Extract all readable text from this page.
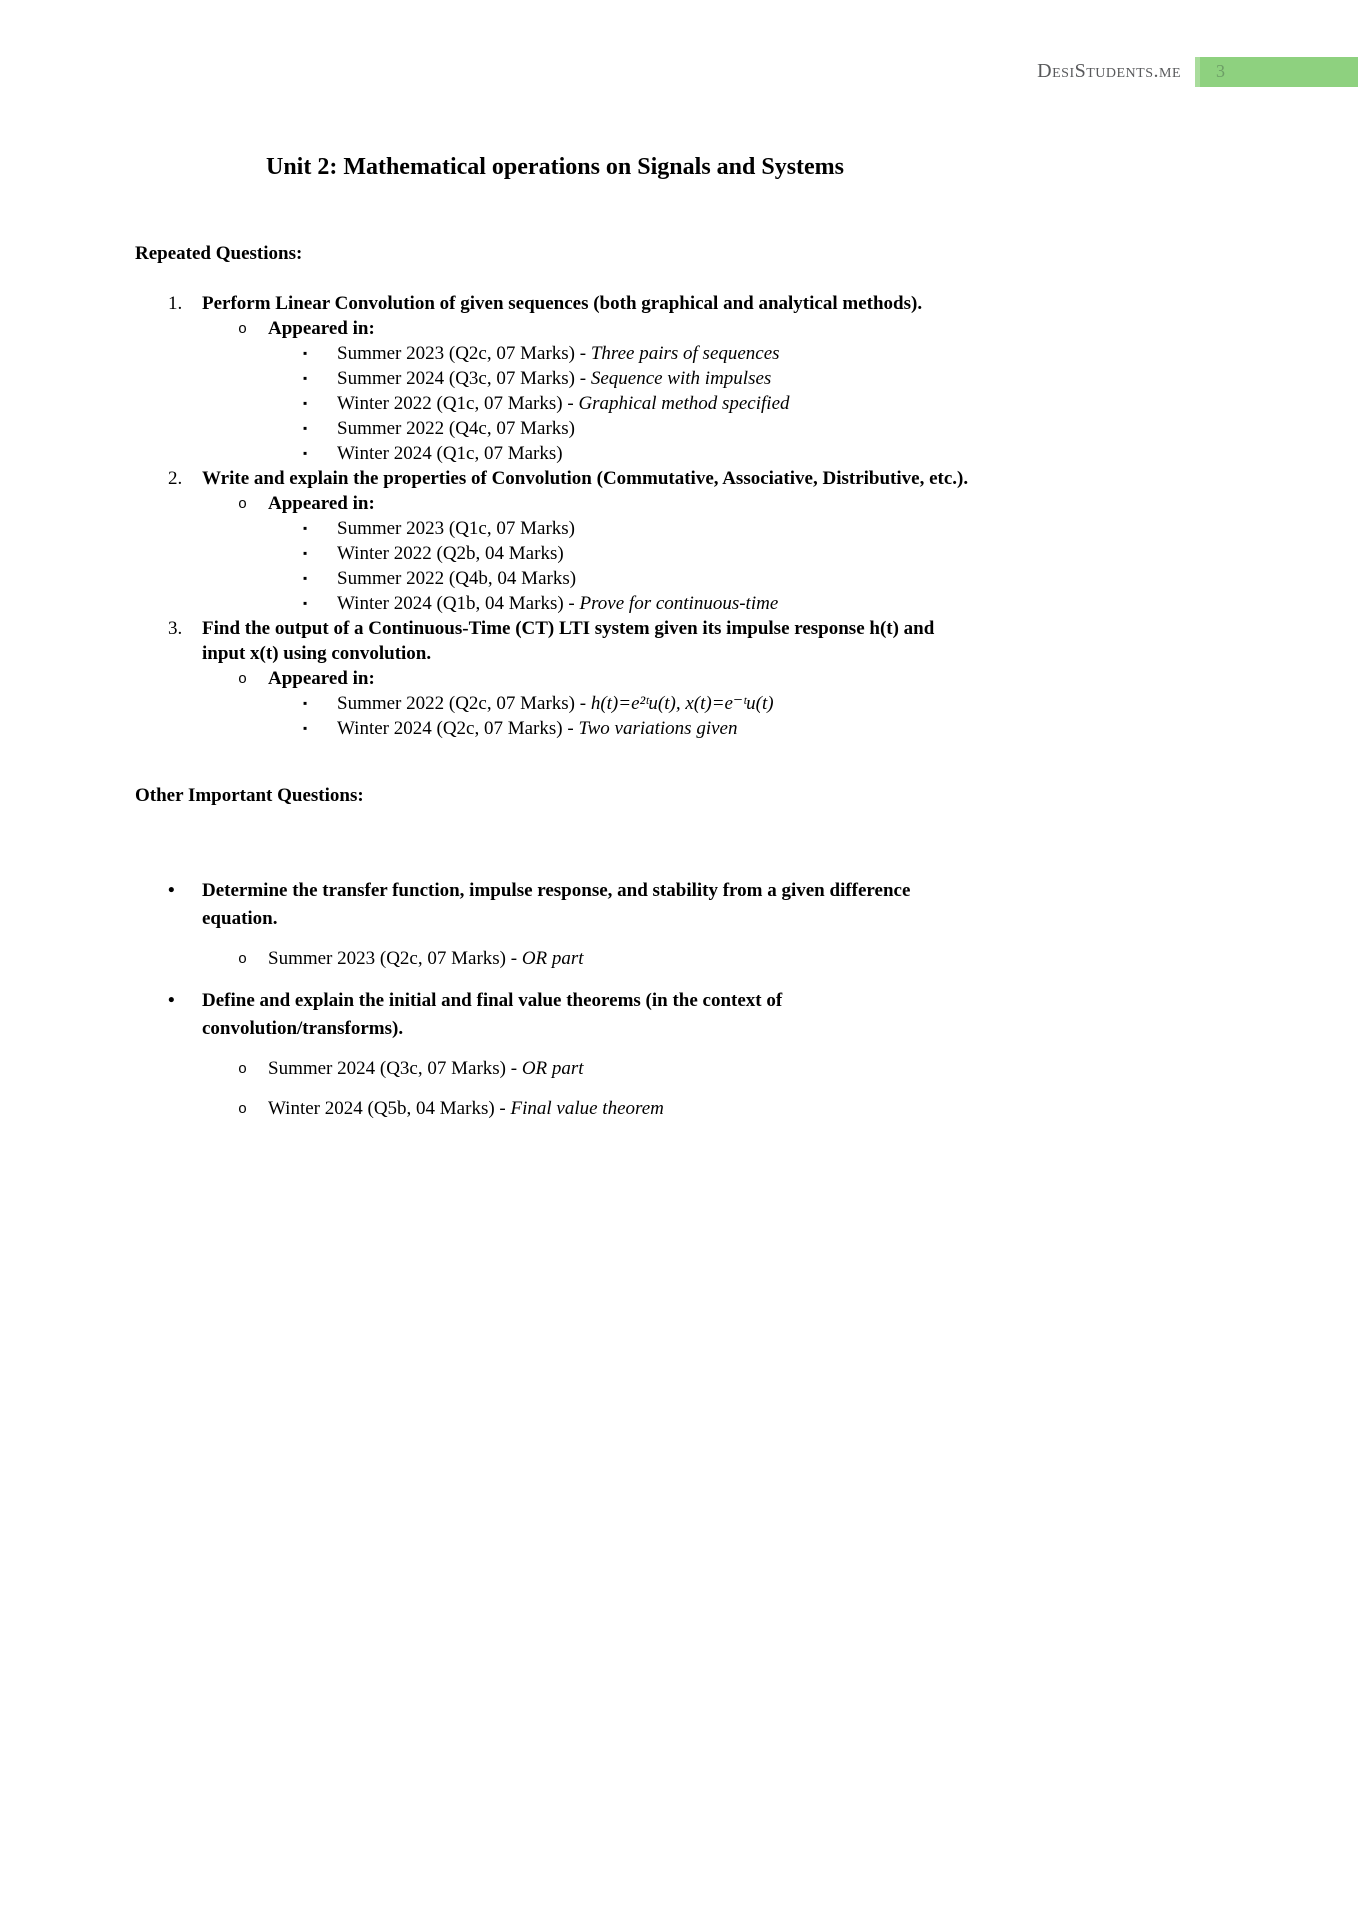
DesiStudents.me 3
Unit 2: Mathematical operations on Signals and Systems
Repeated Questions:
1. Perform Linear Convolution of given sequences (both graphical and analytical methods).
o Appeared in:
▪ Summer 2023 (Q2c, 07 Marks) - Three pairs of sequences
▪ Summer 2024 (Q3c, 07 Marks) - Sequence with impulses
▪ Winter 2022 (Q1c, 07 Marks) - Graphical method specified
▪ Summer 2022 (Q4c, 07 Marks)
▪ Winter 2024 (Q1c, 07 Marks)
2. Write and explain the properties of Convolution (Commutative, Associative, Distributive, etc.).
o Appeared in:
▪ Summer 2023 (Q1c, 07 Marks)
▪ Winter 2022 (Q2b, 04 Marks)
▪ Summer 2022 (Q4b, 04 Marks)
▪ Winter 2024 (Q1b, 04 Marks) - Prove for continuous-time
3. Find the output of a Continuous-Time (CT) LTI system given its impulse response h(t) and input x(t) using convolution.
o Appeared in:
▪ Summer 2022 (Q2c, 07 Marks) - h(t)=e²ᵗu(t), x(t)=e⁻ᵗu(t)
▪ Winter 2024 (Q2c, 07 Marks) - Two variations given
Other Important Questions:
• Determine the transfer function, impulse response, and stability from a given difference equation.
o Summer 2023 (Q2c, 07 Marks) - OR part
• Define and explain the initial and final value theorems (in the context of convolution/transforms).
o Summer 2024 (Q3c, 07 Marks) - OR part
o Winter 2024 (Q5b, 04 Marks) - Final value theorem
